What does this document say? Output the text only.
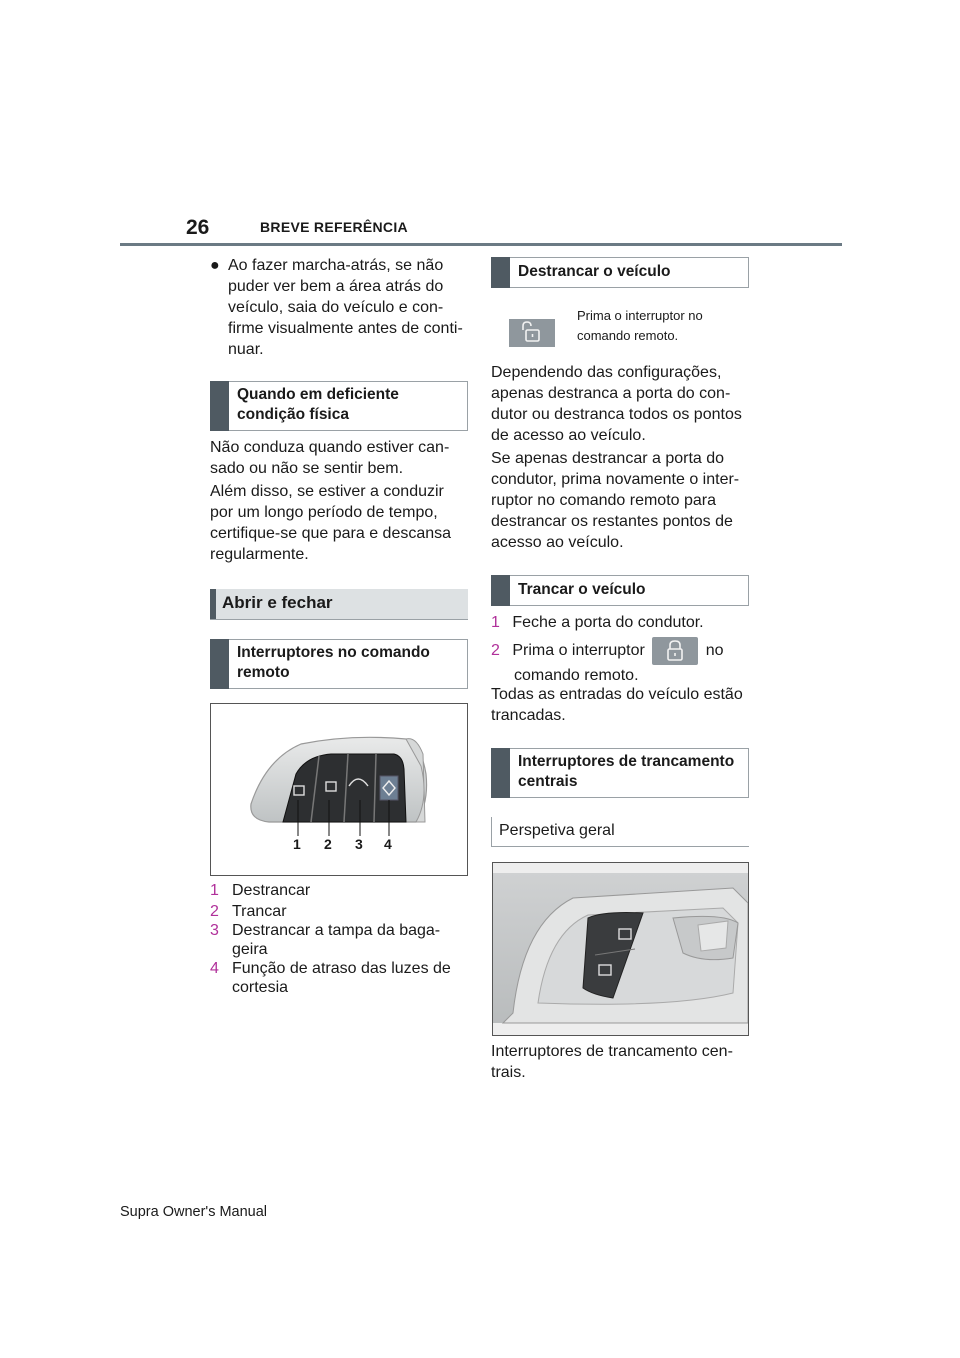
26	BREVE REFERÊNCIA
● Ao fazer marcha-atrás, se não
puder ver bem a área atrás do
veículo, saia do veículo e con-
firme visualmente antes de conti-
nuar.
Quando em deficiente
condição física
Não conduza quando estiver can-
sado ou não se sentir bem.
Além disso, se estiver a conduzir
por um longo período de tempo,
certifique-se que para e descansa
regularmente.
Abrir e fechar
Interruptores no comando
remoto
1 2 3 4
1 Destrancar
2 Trancar
3 Destrancar a tampa da baga-
geira
4 Função de atraso das luzes de
cortesia
Destrancar o veículo
Prima o interruptor no
comando remoto.
Dependendo das configurações,
apenas destranca a porta do con-
dutor ou destranca todos os pontos
de acesso ao veículo.
Se apenas destrancar a porta do
condutor, prima novamente o inter-
ruptor no comando remoto para
destrancar os restantes pontos de
acesso ao veículo.
Trancar o veículo
1 Feche a porta do condutor.
2 Prima o interruptor	no
comando remoto.
Todas as entradas do veículo estão
trancadas.
Interruptores de trancamento
centrais
Perspetiva geral
Interruptores de trancamento cen-
trais.
Supra Owner's Manual
